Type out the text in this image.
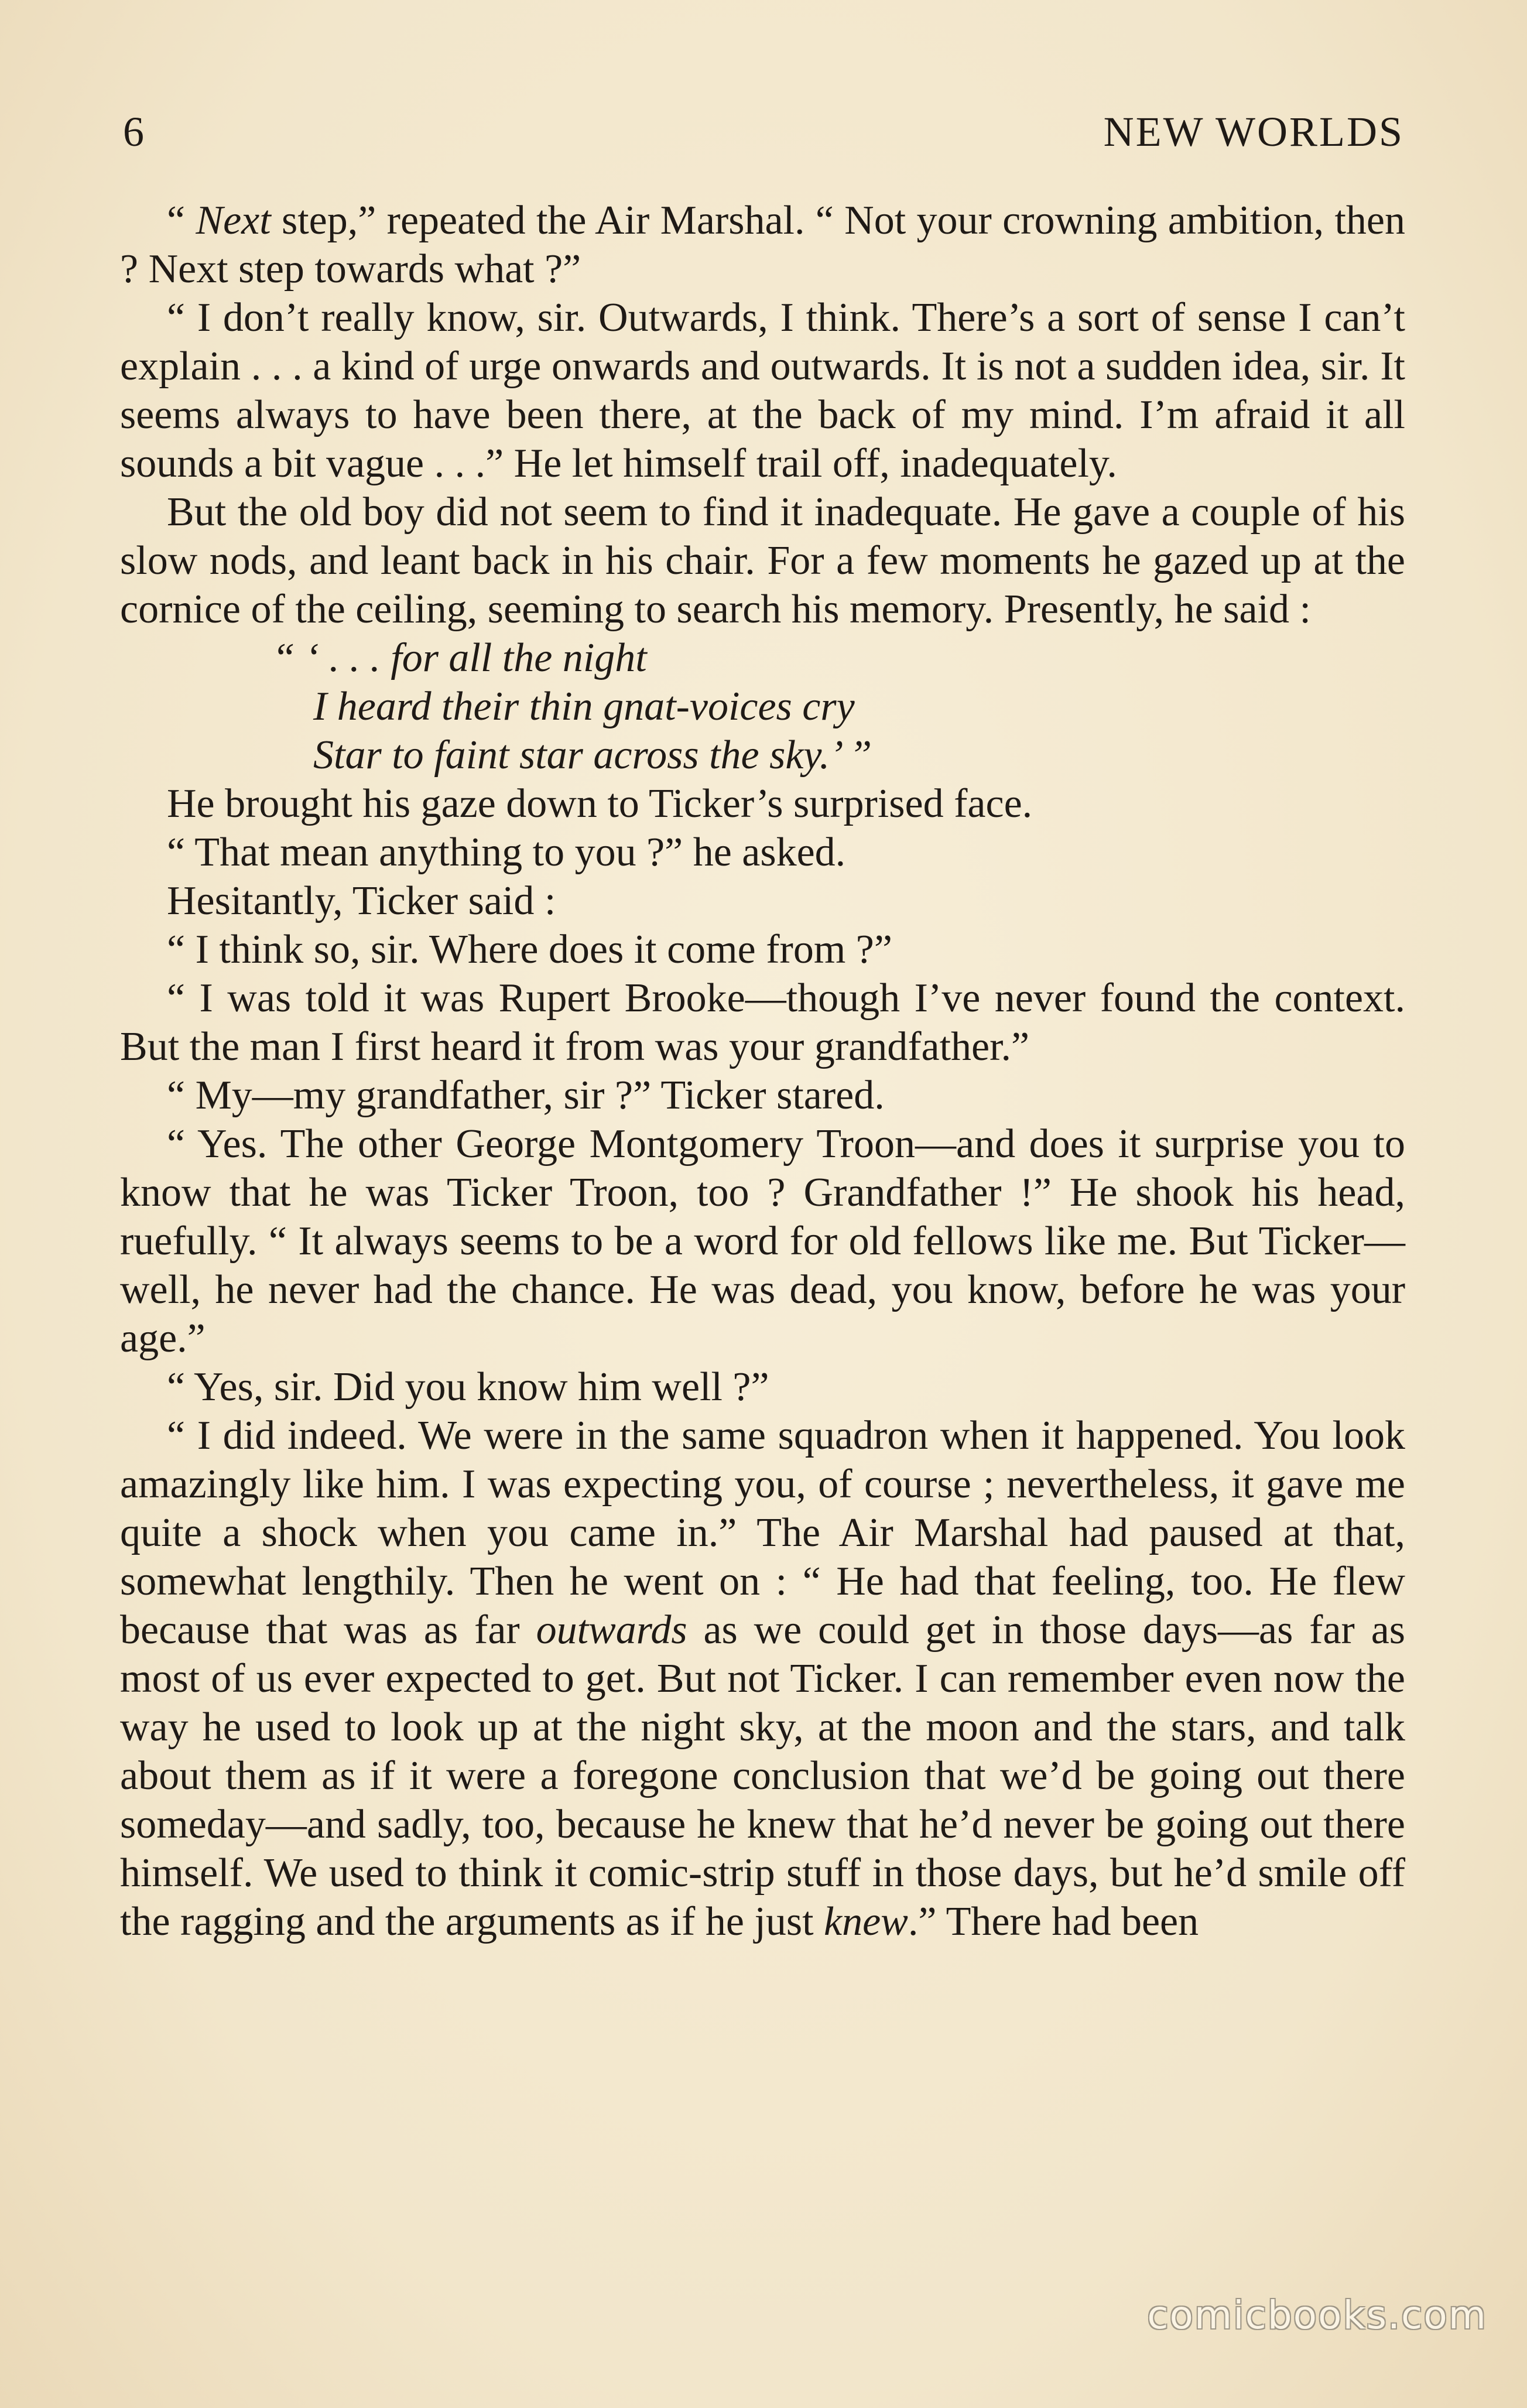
6	NEW WORLDS

“ Next step,” repeated the Air Marshal. “ Not your crowning ambition, then ? Next step towards what ?”

“ I don’t really know, sir. Outwards, I think. There’s a sort of sense I can’t explain . . . a kind of urge onwards and outwards. It is not a sudden idea, sir. It seems always to have been there, at the back of my mind. I’m afraid it all sounds a bit vague . . .” He let himself trail off, inadequately.

But the old boy did not seem to find it inadequate. He gave a couple of his slow nods, and leant back in his chair. For a few moments he gazed up at the cornice of the ceiling, seeming to search his memory. Presently, he said :

“ ‘ . . . for all the night
I heard their thin gnat-voices cry
Star to faint star across the sky.’ ”

He brought his gaze down to Ticker’s surprised face.

“ That mean anything to you ?” he asked.

Hesitantly, Ticker said :

“ I think so, sir. Where does it come from ?”

“ I was told it was Rupert Brooke—though I’ve never found the context. But the man I first heard it from was your grandfather.”

“ My—my grandfather, sir ?” Ticker stared.

“ Yes. The other George Montgomery Troon—and does it surprise you to know that he was Ticker Troon, too ? Grandfather !” He shook his head, ruefully. “ It always seems to be a word for old fellows like me. But Ticker—well, he never had the chance. He was dead, you know, before he was your age.”

“ Yes, sir. Did you know him well ?”

“ I did indeed. We were in the same squadron when it happened. You look amazingly like him. I was expecting you, of course ; nevertheless, it gave me quite a shock when you came in.” The Air Marshal had paused at that, somewhat lengthily. Then he went on : “ He had that feeling, too. He flew because that was as far outwards as we could get in those days—as far as most of us ever expected to get. But not Ticker. I can remember even now the way he used to look up at the night sky, at the moon and the stars, and talk about them as if it were a foregone conclusion that we’d be going out there someday—and sadly, too, because he knew that he’d never be going out there himself. We used to think it comic-strip stuff in those days, but he’d smile off the ragging and the arguments as if he just knew.” There had been

comicbooks.com
